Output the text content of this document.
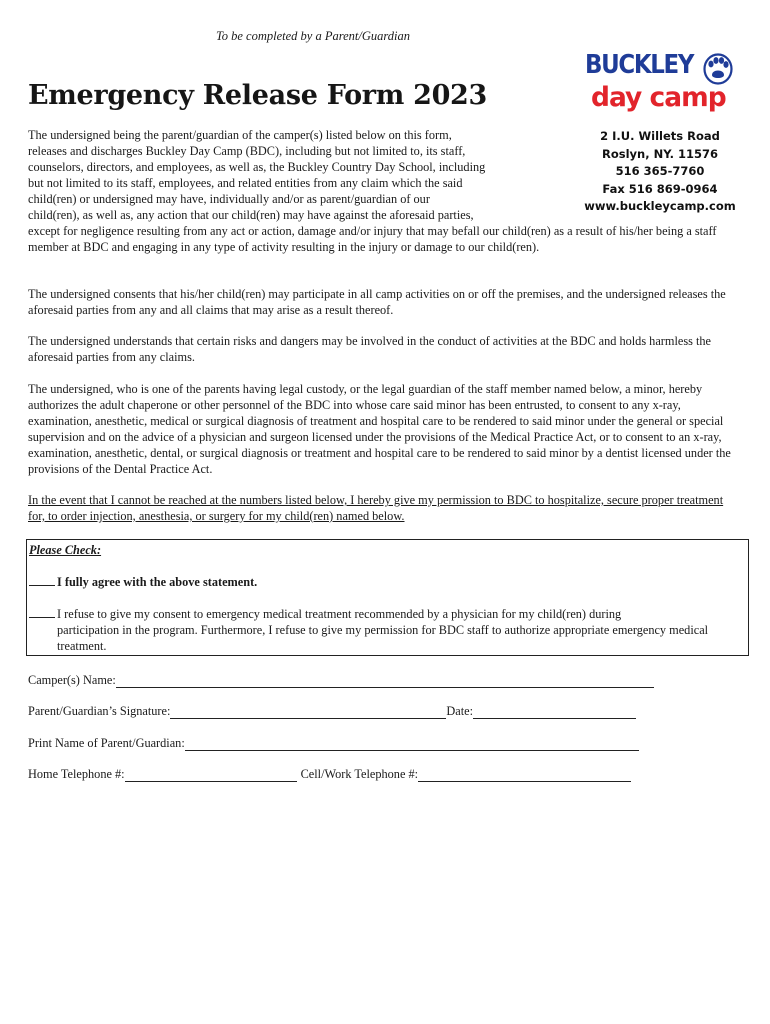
To be completed by a Parent/Guardian
Emergency Release Form 2023
BUCKLEY
day camp
2 I.U. Willets Road
Roslyn, NY. 11576
516 365-7760
Fax 516 869-0964
www.buckleycamp.com
The undersigned being the parent/guardian of the camper(s) listed below on this form,
releases and discharges Buckley Day Camp (BDC), including but not limited to, its staff,
counselors, directors, and employees, as well as, the Buckley Country Day School, including
but not limited to its staff, employees, and related entities from any claim which the said
child(ren) or undersigned may have, individually and/or as parent/guardian of our
child(ren), as well as, any action that our child(ren) may have against the aforesaid parties,
except for negligence resulting from any act or action, damage and/or injury that may befall our child(ren) as a result of his/her being a staff member at BDC and engaging in any type of activity resulting in the injury or damage to our child(ren).
The undersigned consents that his/her child(ren) may participate in all camp activities on or off the premises, and the undersigned releases the aforesaid parties from any and all claims that may arise as a result thereof.
The undersigned understands that certain risks and dangers may be involved in the conduct of activities at the BDC and holds harmless the aforesaid parties from any claims.
The undersigned, who is one of the parents having legal custody, or the legal guardian of the staff member named below, a minor, hereby authorizes the adult chaperone or other personnel of the BDC into whose care said minor has been entrusted, to consent to any x-ray, examination, anesthetic, medical or surgical diagnosis of treatment and hospital care to be rendered to said minor under the general or special supervision and on the advice of a physician and surgeon licensed under the provisions of the Medical Practice Act, or to consent to an x-ray, examination, anesthetic, dental, or surgical diagnosis or treatment and hospital care to be rendered to said minor by a dentist licensed under the provisions of the Dental Practice Act.
In the event that I cannot be reached at the numbers listed below, I hereby give my permission to BDC to hospitalize, secure proper treatment for, to order injection, anesthesia, or surgery for my child(ren) named below.
Please Check:
I fully agree with the above statement.
I refuse to give my consent to emergency medical treatment recommended by a physician for my child(ren) during
participation in the program. Furthermore, I refuse to give my permission for BDC staff to authorize appropriate emergency medical treatment.
Camper(s) Name:
Parent/Guardian’s Signature:	Date:
Print Name of Parent/Guardian:
Home Telephone #:	Cell/Work Telephone #:
